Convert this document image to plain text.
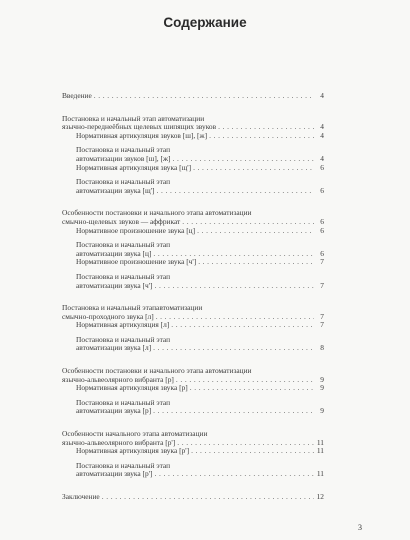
Содержание
Введение . . .	4
Постановка и начальный этап автоматизации
язычно-переднеёбных щелевых шипящих звуков . . .	4
Нормативная артикуляция звуков [ш], [ж] . . .	4
Постановка и начальный этап
автоматизации звуков [ш], [ж] . . .	4
Нормативная артикуляция звука [щ'] . . .	6
Постановка и начальный этап
автоматизации звука [щ'] . . .	6
Особенности постановки и начального этапа автоматизации
смычно-щелевых звуков — аффрикат . . .	6
Нормативное произношение звука [ц] . . .	6
Постановка и начальный этап
автоматизации звука [ц] . . .	6
Нормативное произношение звука [ч'] . . .	7
Постановка и начальный этап
автоматизации звука [ч'] . . .	7
Постановка и начальный этапавтоматизации
смычно-проходного звука [л] . . .	7
Нормативная артикуляция [л] . . .	7
Постановка и начальный этап
автоматизации звука [л] . . .	8
Особенности постановки и начального этапа автоматизации
язычно-альвеолярного вибранта [р] . . .	9
Нормативная артикуляция звука [р] . . .	9
Постановка и начальный этап
автоматизации звука [р] . . .	9
Особенности начального этапа автоматизации
язычно-альвеолярного вибранта [р'] . . .	11
Нормативная артикуляция звука [р'] . . .	11
Постановка и начальный этап
автоматизации звука [р'] . . .	11
Заключение . . .	12
3
